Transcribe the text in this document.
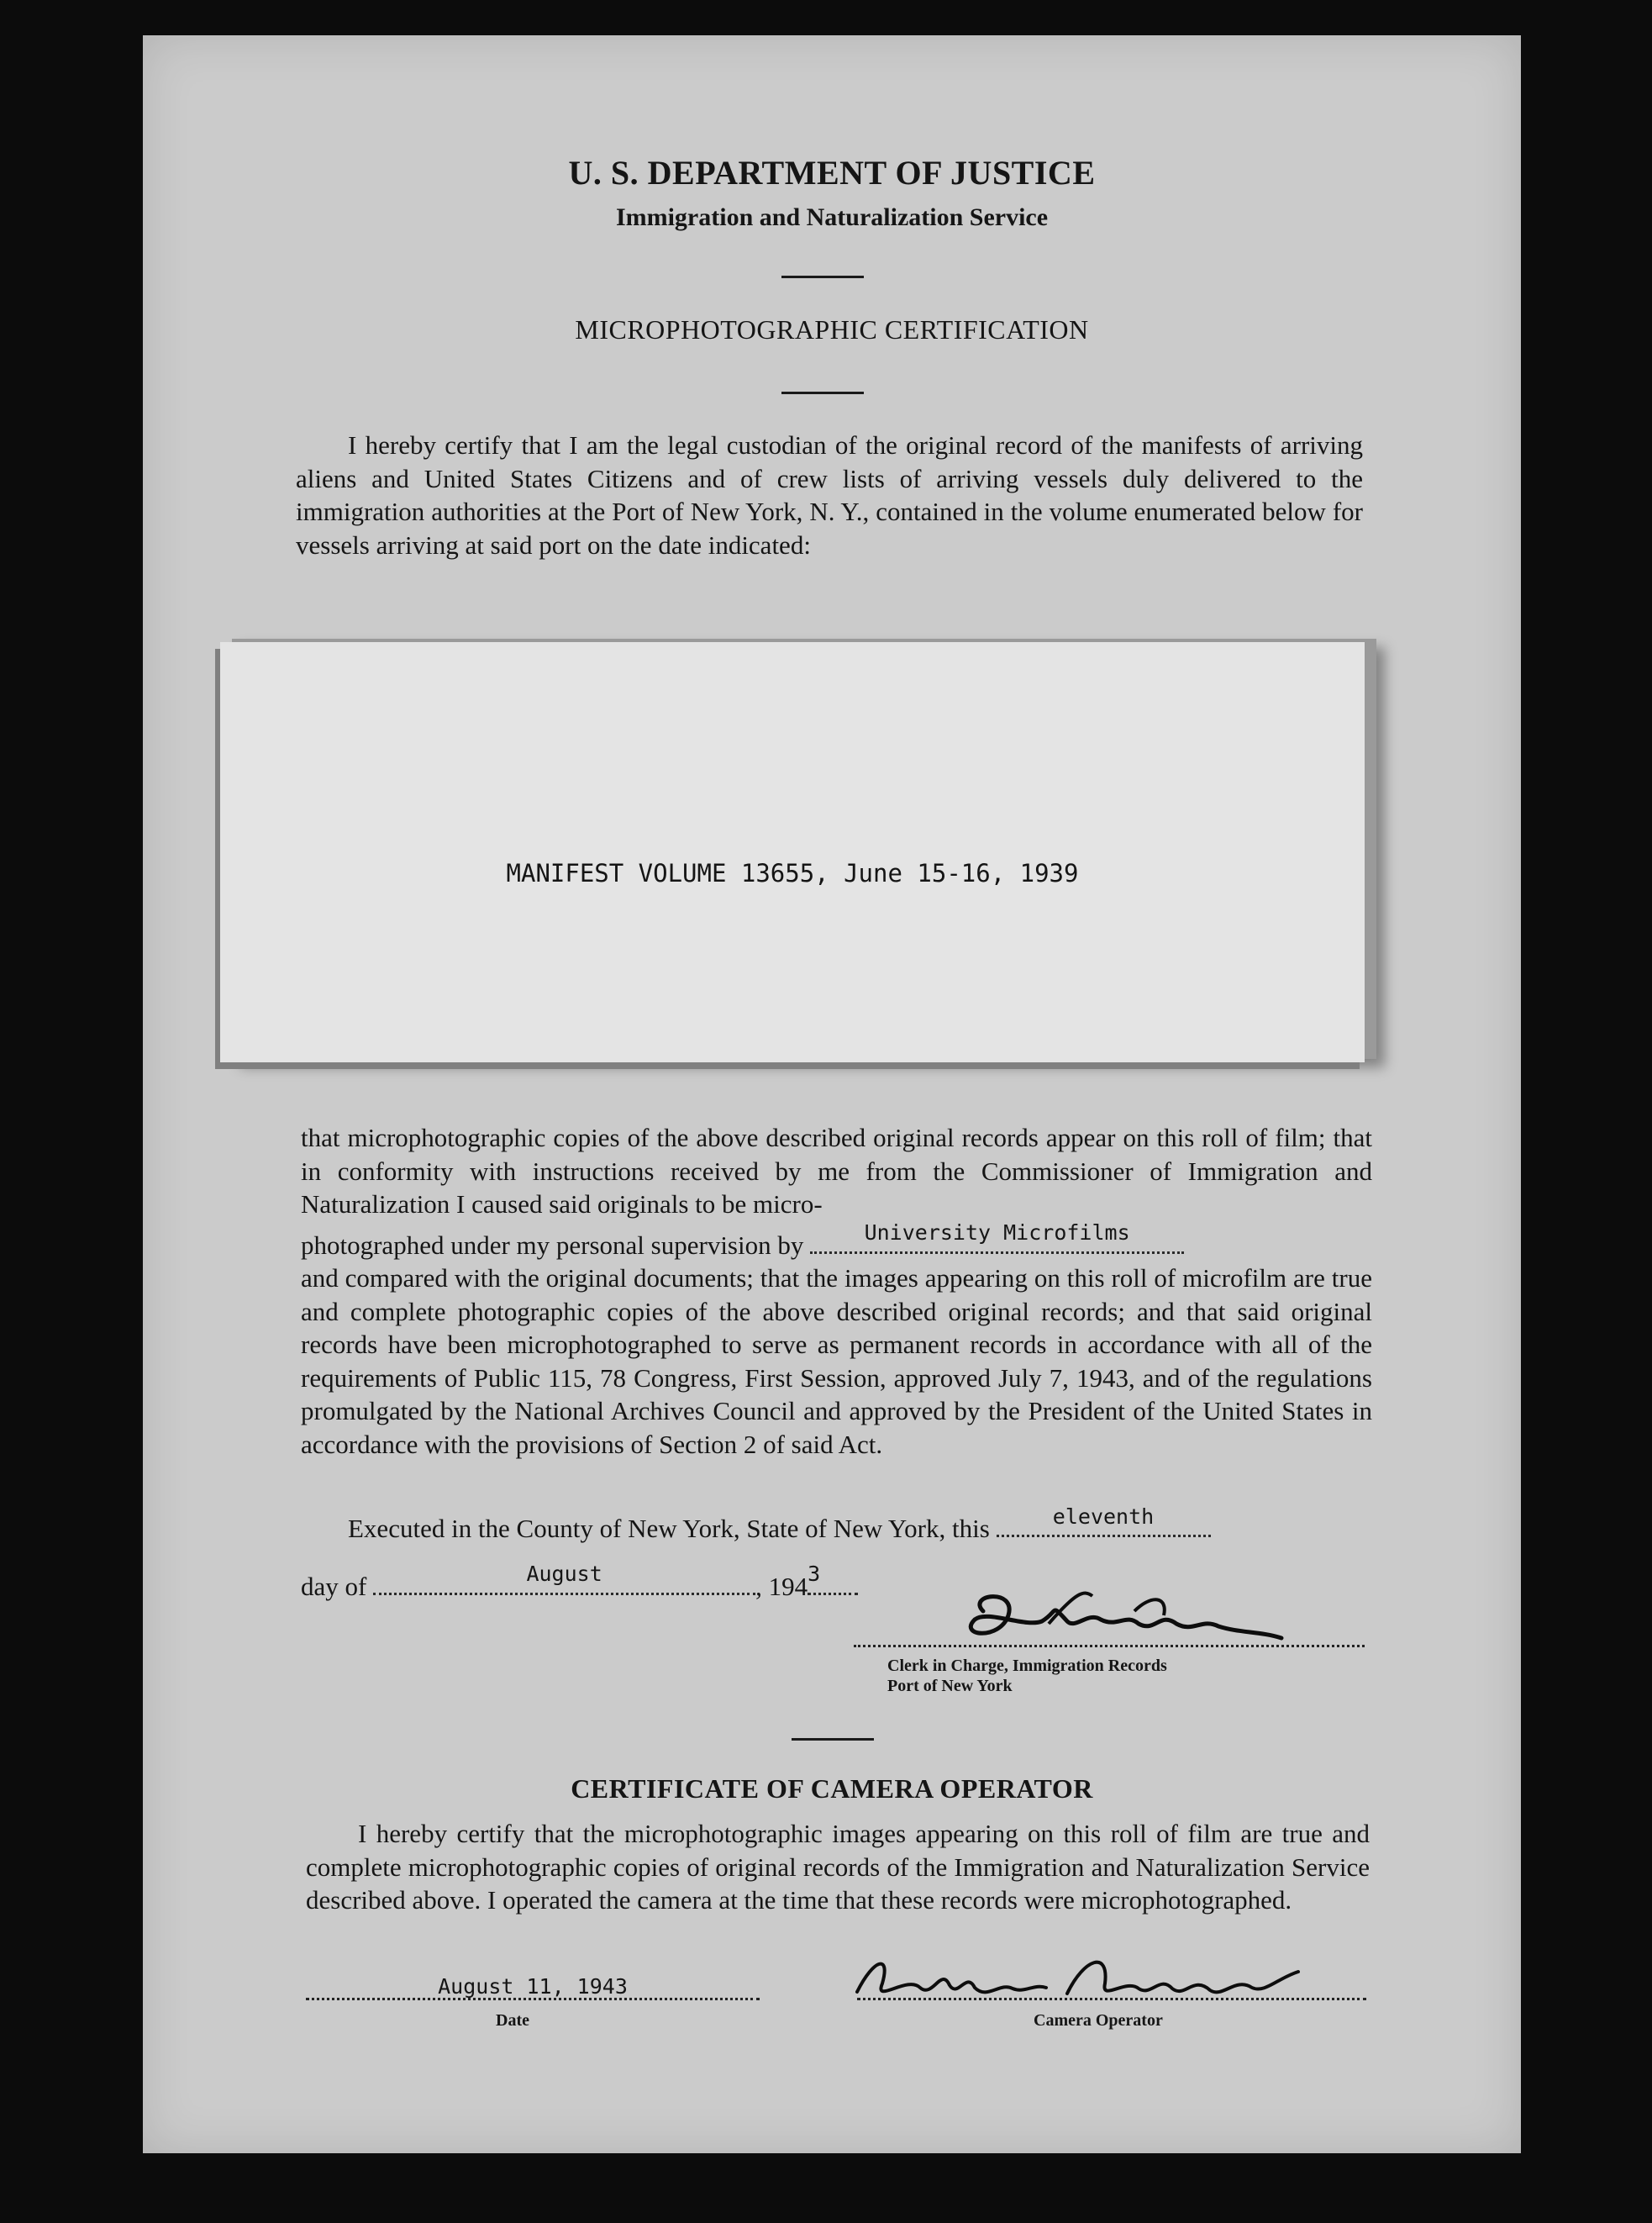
U. S. DEPARTMENT OF JUSTICE
Immigration and Naturalization Service
MICROPHOTOGRAPHIC CERTIFICATION

I hereby certify that I am the legal custodian of the original record of the manifests of arriving aliens and United States Citizens and of crew lists of arriving vessels duly delivered to the immigration authorities at the Port of New York, N. Y., contained in the volume enumerated below for vessels arriving at said port on the date indicated:

MANIFEST VOLUME 13655, June 15-16, 1939

that microphotographic copies of the above described original records appear on this roll of film; that in conformity with instructions received by me from the Commissioner of Immigration and Naturalization I caused said originals to be micro-

photographed under my personal supervision by	University Microfilms

and compared with the original documents; that the images appearing on this roll of microfilm are true and complete photographic copies of the above described original records; and that said original records have been microphotographed to serve as permanent records in accordance with all of the requirements of Public 115, 78 Congress, First Session, approved July 7, 1943, and of the regulations promulgated by the National Archives Council and approved by the President of the United States in accordance with the provisions of Section 2 of said Act.

Executed in the County of New York, State of New York, this	eleventh
day of	August	, 194 3
Clerk in Charge, Immigration Records
Port of New York
CERTIFICATE OF CAMERA OPERATOR

I hereby certify that the microphotographic images appearing on this roll of film are true and complete microphotographic copies of original records of the Immigration and Naturalization Service described above. I operated the camera at the time that these records were microphotographed.

August 11, 1943
Date	Camera Operator
